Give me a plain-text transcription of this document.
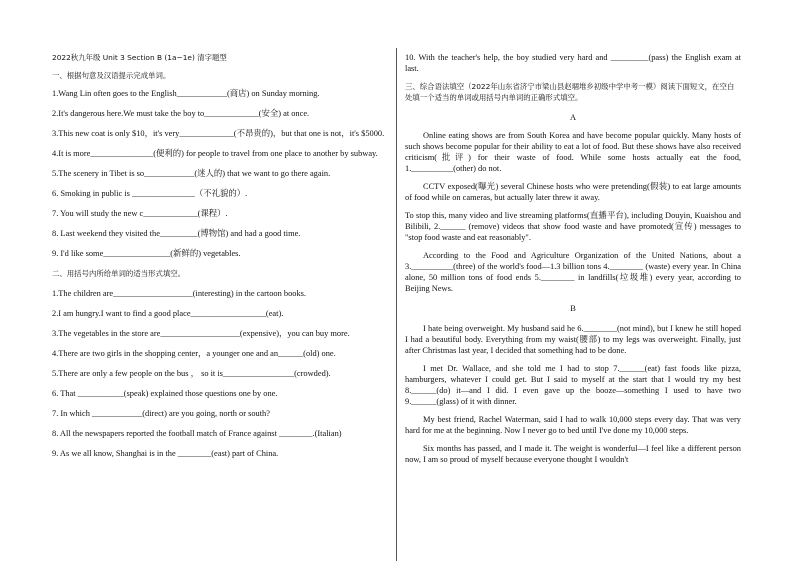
2022秋九年级 Unit 3 Section B (1a~1e) 清字题型

一、根据句意及汉语提示完成单词。

1.Wang Lin often goes to the English____________(商店) on Sunday morning.

2.It's dangerous here.We must take the boy to_____________(安全) at once.

3.This new coat is only $10，it's very_____________(不昂贵的)，but that one is not，it's $5000.

4.It is more_______________(便利的) for people to travel from one place to another by subway.

5.The scenery in Tibet is so____________(迷人的) that we want to go there again.

6. Smoking in public is _______________（不礼貌的）.

7. You will study the new c_____________(课程）.

8. Last weekend they visited the_________(博物馆) and had a good time.

9. I'd like some________________(新鲜的) vegetables.

二、用括号内所给单词的适当形式填空。

1.The children are___________________(interesting) in the cartoon books.

2.I am hungry.I want to find a good place__________________(eat).

3.The vegetables in the store are___________________(expensive)，you can buy more.

4.There are two girls in the shopping center，a younger one and an______(old) one.

5.There are only a few people on the bus ， so it is_________________(crowded).

6. That ___________(speak) explained those questions one by one.

7. In which ____________(direct) are you going, north or south?

8. All the newspapers reported the football match of France against ________.(Italian)

9. As we all know, Shanghai is in the ________(east) part of China.

10. With the teacher's help, the boy studied very hard and _________(pass) the English exam at last.

三、综合语法填空（2022年山东省济宁市梁山县赵堌堆乡初级中学中考一模）阅读下面短文，在空白处填一个适当的单词或用括号内单词的正确形式填空。

A

Online eating shows are from South Korea and have become popular quickly. Many hosts of such shows become popular for their ability to eat a lot of food. But these shows have also received criticism(批评) for their waste of food. While some hosts actually eat the food, 1.__________(other) do not.

CCTV exposed(曝光) several Chinese hosts who were pretending(假装) to eat large amounts of food while on cameras, but actually later threw it away.

To stop this, many video and live streaming platforms(直播平台), including Douyin, Kuaishou and Bilibili, 2.______ (remove) videos that show food waste and have promoted(宣传) messages to "stop food waste and eat reasonably".

According to the Food and Agriculture Organization of the United Nations, about a 3.__________(three) of the world's food—1.3 billion tons 4.________ (waste) every year. In China alone, 50 million tons of food ends 5.________ in landfills(垃圾堆) every year, according to Beijing News.

B

I hate being overweight. My husband said he 6.________(not mind), but I knew he still hoped I had a beautiful body. Everything from my waist(腰部) to my legs was overweight. Finally, just after Christmas last year, I decided that something had to be done.

I met Dr. Wallace, and she told me I had to stop 7.______(eat) fast foods like pizza, hamburgers, whatever I could get. But I said to myself at the start that I would try my best 8.______(do) it—and I did. I even gave up the booze—something I used to have two 9.______(glass) of it with dinner.

My best friend, Rachel Waterman, said I had to walk 10,000 steps every day. That was very hard for me at the beginning. Now I never go to bed until I've done my 10,000 steps.

Six months has passed, and I made it. The weight is wonderful—I feel like a different person now, I am so proud of myself because everyone thought I wouldn't
